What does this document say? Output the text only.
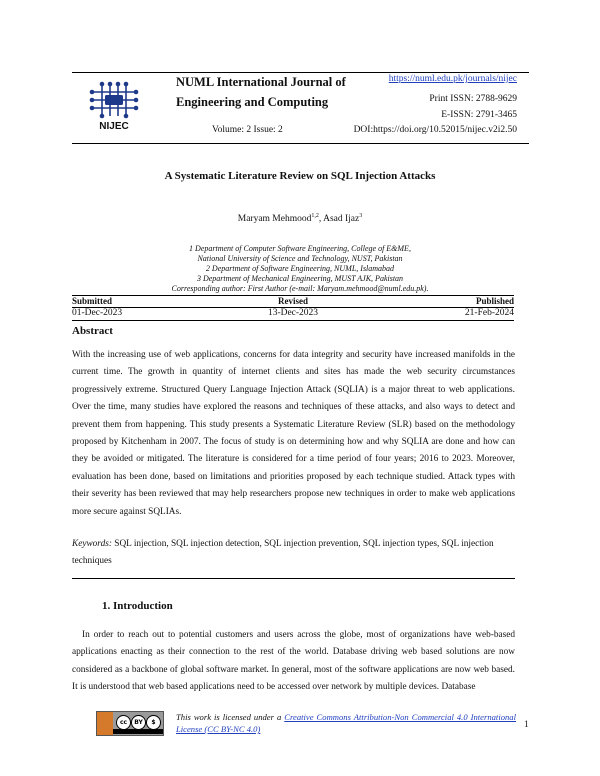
NIJEC
NUML International Journal of
Engineering and Computing
Volume: 2 Issue: 2
https://numl.edu.pk/journals/nijec
Print ISSN: 2788-9629
E-ISSN: 2791-3465
DOI:https://doi.org/10.52015/nijec.v2i2.50
A Systematic Literature Review on SQL Injection Attacks
Maryam Mehmood$^{1,2}$, Asad Ijaz$^3$
1 Department of Computer Software Engineering, College of E&ME,
National University of Science and Technology, NUST, Pakistan
2 Department of Software Engineering, NUML, Islamabad
3 Department of Mechanical Engineering, MUST AJK, Pakistan
Corresponding author: First Author (e-mail: Maryam.mehmood@numl.edu.pk).
Submitted	Revised	Published
01-Dec-2023	13-Dec-2023	21-Feb-2024
Abstract
With the increasing use of web applications, concerns for data integrity and security have increased manifolds in the current time. The growth in quantity of internet clients and sites has made the web security circumstances progressively extreme. Structured Query Language Injection Attack (SQLIA) is a major threat to web applications. Over the time, many studies have explored the reasons and techniques of these attacks, and also ways to detect and prevent them from happening. This study presents a Systematic Literature Review (SLR) based on the methodology proposed by Kitchenham in 2007. The focus of study is on determining how and why SQLIA are done and how can they be avoided or mitigated. The literature is considered for a time period of four years; 2016 to 2023. Moreover, evaluation has been done, based on limitations and priorities proposed by each technique studied. Attack types with their severity has been reviewed that may help researchers propose new techniques in order to make web applications more secure against SQLIAs.
Keywords: SQL injection, SQL injection detection, SQL injection prevention, SQL injection types, SQL injection techniques
1. Introduction
In order to reach out to potential customers and users across the globe, most of organizations have web-based applications enacting as their connection to the rest of the world. Database driving web based solutions are now considered as a backbone of global software market. In general, most of the software applications are now web based. It is understood that web based applications need to be accessed over network by multiple devices. Database
cc	BY	$
This work is licensed under a Creative Commons Attribution-Non Commercial 4.0 International License (CC BY-NC 4.0)	1
